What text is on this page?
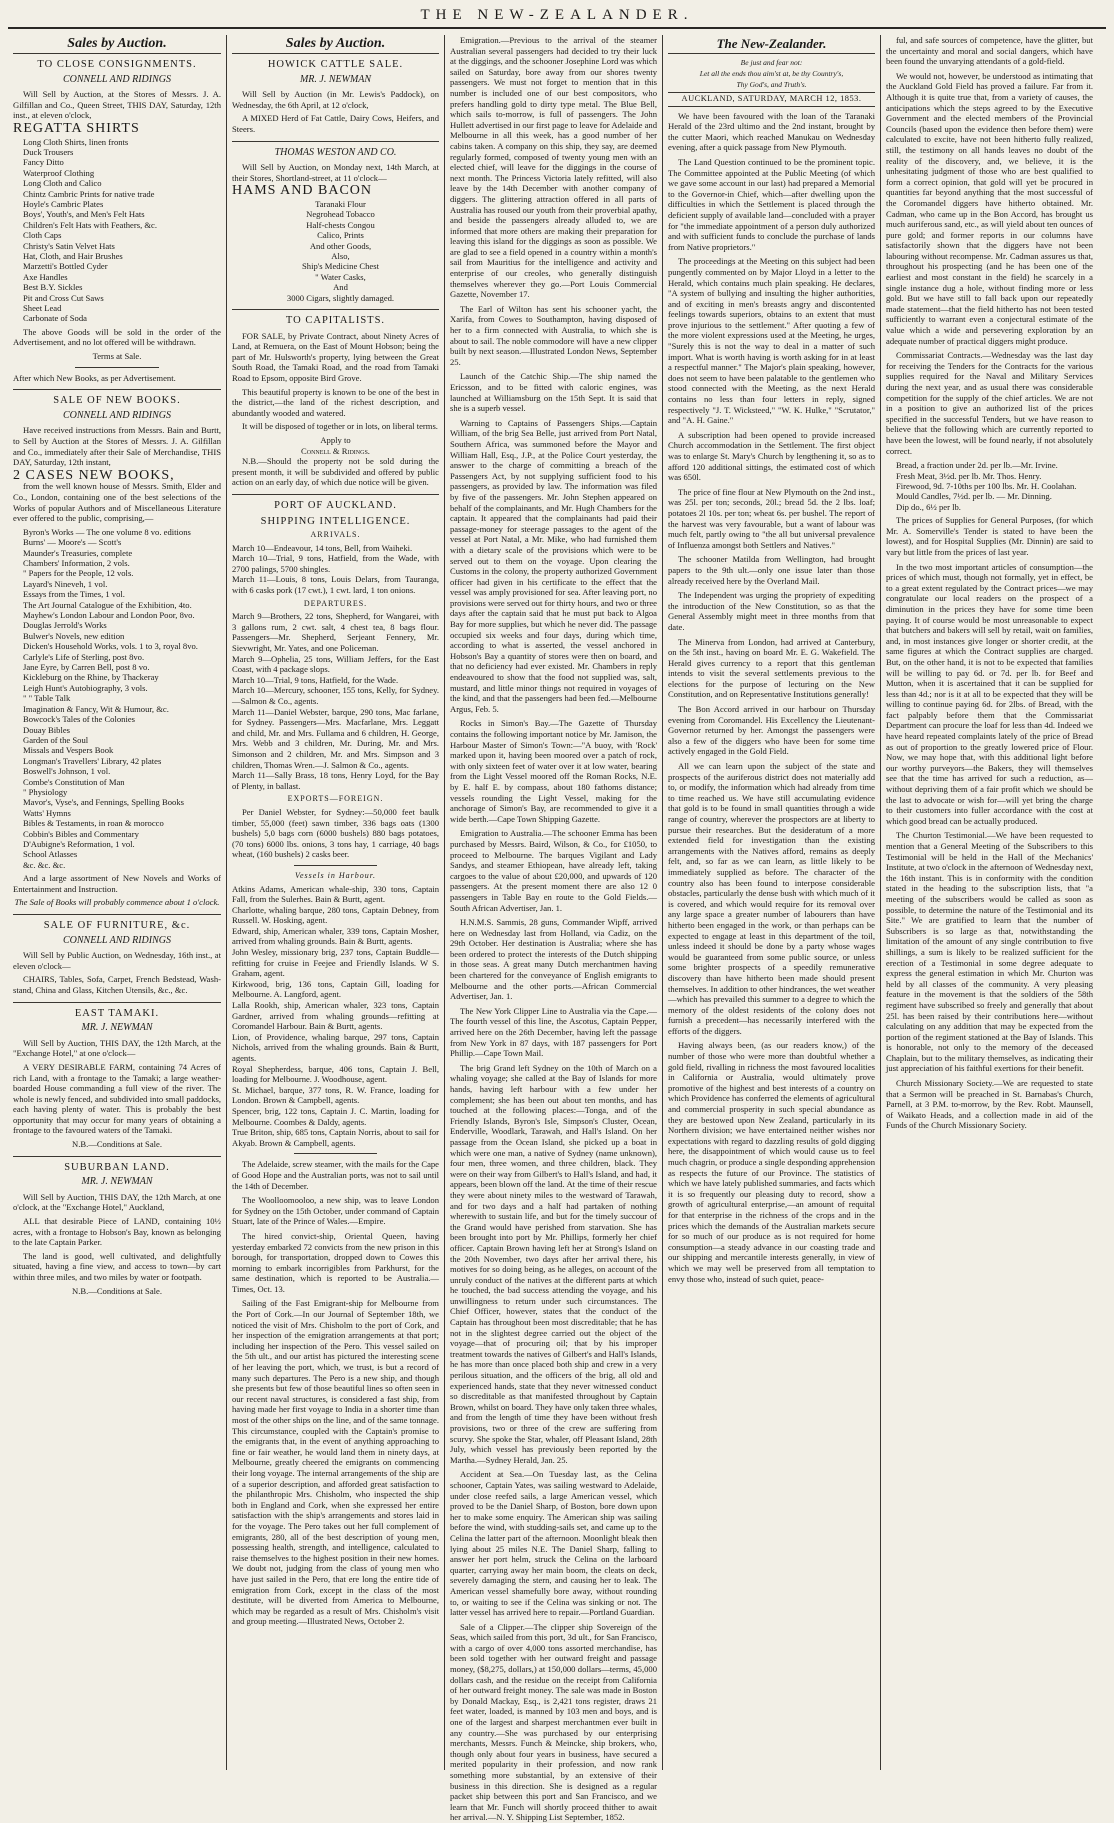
THE NEW-ZEALANDER.
Sales by Auction.
TO CLOSE CONSIGNMENTS.
CONNELL AND RIDINGS

Will Sell by Auction, at the Stores of Messrs. J. A. Gilfillan and Co., Queen Street, THIS DAY, Saturday, 12th inst., at eleven o'clock,

REGATTA SHIRTS
Long Cloth Shirts, linen fronts
Duck Trousers
Fancy Ditto
Waterproof Clothing
Long Cloth and Calico
Chintz Cambric Prints for native trade
Hoyle's Cambric Plates
Boys', Youth's, and Men's Felt Hats
Children's Felt Hats with Feathers, &c.
Cloth Caps
Christy's Satin Velvet Hats
Hat, Cloth, and Hair Brushes
Marzetti's Bottled Cyder
Axe Handles
Best B.Y. Sickles
Pit and Cross Cut Saws
Sheet Lead
Carbonate of Soda

The above Goods will be sold in the order of the Advertisement, and no lot offered will be withdrawn.

Terms at Sale.
After which New Books, as per Advertisement.
SALE OF NEW BOOKS.
CONNELL AND RIDINGS

Have received instructions from Messrs. Bain and Burtt, to Sell by Auction at the Stores of Messrs. J. A. Gilfillan and Co., immediately after their Sale of Merchandise, THIS DAY, Saturday, 12th instant,

2 CASES NEW BOOKS,

from the well known house of Messrs. Smith, Elder and Co., London, containing one of the best selections of the Works of popular Authors and of Miscellaneous Literature ever offered to the public, comprising,—

Byron's Works — The one volume 8 vo. editions
Burns' — Moore's — Scott's
Maunder's Treasuries, complete
Chambers' Information, 2 vols.
" Papers for the People, 12 vols.
Layard's Nineveh, 1 vol.
Essays from the Times, 1 vol.
The Art Journal Catalogue of the Exhibition, 4to.
Mayhew's London Labour and London Poor, 8vo.
Douglas Jerrold's Works
Bulwer's Novels, new edition
Dicken's Household Works, vols. 1 to 3, royal 8vo.
Carlyle's Life of Sterling, post 8vo.
Jane Eyre, by Carren Bell, post 8 vo.
Kickleburg on the Rhine, by Thackeray
Leigh Hunt's Autobiography, 3 vols.
" " Table Talk
Imagination & Fancy, Wit & Humour, &c.
Bowcock's Tales of the Colonies
Douay Bibles
Garden of the Soul
Missals and Vespers Book
Longman's Travellers' Library, 42 plates
Boswell's Johnson, 1 vol.
Combe's Constitution of Man
" Physiology
Mavor's, Vyse's, and Fennings, Spelling Books
Watts' Hymns
Bibles & Testaments, in roan & morocco
Cobbin's Bibles and Commentary
D'Aubigne's Reformation, 1 vol.
School Atlasses
&c. &c. &c.

And a large assortment of New Novels and Works of Entertainment and Instruction.

The Sale of Books will probably commence about 1 o'clock.
SALE OF FURNITURE, &c.
CONNELL AND RIDINGS

Will Sell by Public Auction, on Wednesday, 16th inst., at eleven o'clock—

CHAIRS, Tables, Sofa, Carpet, French Bedstead, Wash-stand, China and Glass, Kitchen Utensils, &c., &c.

EAST TAMAKI.
MR. J. NEWMAN

Will Sell by Auction, THIS DAY, the 12th March, at the "Exchange Hotel," at one o'clock—

A VERY DESIRABLE FARM, containing 74 Acres of rich Land, with a frontage to the Tamaki; a large weather-boarded House commanding a full view of the river. The whole is newly fenced, and subdivided into small paddocks, each having plenty of water. This is probably the best opportunity that may occur for many years of obtaining a frontage to the favoured waters of the Tamaki.

N.B.—Conditions at Sale.
SUBURBAN LAND.
MR. J. NEWMAN

Will Sell by Auction, THIS DAY, the 12th March, at one o'clock, at the "Exchange Hotel," Auckland,

ALL that desirable Piece of LAND, containing 10½ acres, with a frontage to Hobson's Bay, known as belonging to the late Captain Parker.

The land is good, well cultivated, and delightfully situated, having a fine view, and access to town—by cart within three miles, and two miles by water or footpath.

N.B.—Conditions at Sale.
Sales by Auction.
HOWICK CATTLE SALE.
MR. J. NEWMAN

Will Sell by Auction (in Mr. Lewis's Paddock), on Wednesday, the 6th April, at 12 o'clock,

A MIXED Herd of Fat Cattle, Dairy Cows, Heifers, and Steers.

THOMAS WESTON AND CO.

Will Sell by Auction, on Monday next, 14th March, at their Stores, Shortland-street, at 11 o'clock—

HAMS AND BACON
Taranaki Flour
Negrohead Tobacco
Half-chests Congou
Calico, Prints
And other Goods,
Also,
Ship's Medicine Chest
" Water Casks,
And
3000 Cigars, slightly damaged.
TO CAPITALISTS.

FOR SALE, by Private Contract, about Ninety Acres of Land, at Remuera, on the East of Mount Hobson; being the part of Mr. Hulsworth's property, lying between the Great South Road, the Tamaki Road, and the road from Tamaki Road to Epsom, opposite Bird Grove.

This beautiful property is known to be one of the best in the district,—the land of the richest description, and abundantly wooded and watered.

It will be disposed of together or in lots, on liberal terms.

Apply to
Connell & Ridings.

N.B.—Should the property not be sold during the present month, it will be subdivided and offered by public action on an early day, of which due notice will be given.

PORT OF AUCKLAND.
SHIPPING INTELLIGENCE.
ARRIVALS.
March 10—Endeavour, 14 tons, Bell, from Waiheki.
March 10—Trial, 9 tons, Hatfield, from the Wade, with 2700 palings, 5700 shingles.
March 11—Louis, 8 tons, Louis Delars, from Tauranga, with 6 casks pork (17 cwt.), 1 cwt. lard, 1 ton onions.
DEPARTURES.
March 9—Brothers, 22 tons, Shepherd, for Wangarei, with 3 gallons rum, 2 cwt. salt, 4 chest tea, 8 bags flour. Passengers—Mr. Shepherd, Serjeant Fennery, Mr. Sievwright, Mr. Yates, and one Policeman.
March 9—Ophelia, 25 tons, William Jeffers, for the East Coast, with 4 package slops.
March 10—Trial, 9 tons, Hatfield, for the Wade.
March 10—Mercury, schooner, 155 tons, Kelly, for Sydney.—Salmon & Co., agents.
March 11—Daniel Webster, barque, 290 tons, Mac farlane, for Sydney. Passengers—Mrs. Macfarlane, Mrs. Leggatt and child, Mr. and Mrs. Fullama and 6 children, H. George, Mrs. Webb and 3 children, Mr. During, Mr. and Mrs. Simonson and 2 children, Mr. and Mrs. Simpson and 3 children, Thomas Wren.—J. Salmon & Co., agents.
March 11—Sally Brass, 18 tons, Henry Loyd, for the Bay of Plenty, in ballast.
EXPORTS—FOREIGN.

Per Daniel Webster, for Sydney:—50,000 feet baulk timber, 55,000 (feet) sawn timber, 336 bags oats (1300 bushels) 5,0 bags corn (6000 bushels) 880 bags potatoes, (70 tons) 6000 lbs. onions, 3 tons hay, 1 carriage, 40 bags wheat, (160 bushels) 2 casks beer.

Vessels in Harbour.
Atkins Adams, American whale-ship, 330 tons, Captain Fall, from the Sulerhes. Bain & Burtt, agent.
Charlotte, whaling barque, 280 tons, Captain Debney, from Russell. W. Hosking, agent.
Edward, ship, American whaler, 339 tons, Captain Mosher, arrived from whaling grounds. Bain & Burtt, agents.
John Wesley, missionary brig, 237 tons, Captain Buddle—refitting for cruise in Feejee and Friendly Islands. W S. Graham, agent.
Kirkwood, brig, 136 tons, Captain Gill, loading for Melbourne. A. Langford, agent.
Lalla Rookh, ship, American whaler, 323 tons, Captain Gardner, arrived from whaling grounds—refitting at Coromandel Harbour. Bain & Burtt, agents.
Lion, of Providence, whaling barque, 297 tons, Captain Nichols, arrived from the whaling grounds. Bain & Burtt, agents.
Royal Shepherdess, barque, 406 tons, Captain J. Bell, loading for Melbourne. J. Woodhouse, agent.
St. Michael, barque, 377 tons, R. W. France, loading for London. Brown & Campbell, agents.
Spencer, brig, 122 tons, Captain J. C. Martin, loading for Melbourne. Coombes & Daldy, agents.
True Briton, ship, 685 tons, Captain Norris, about to sail for Akyab. Brown & Campbell, agents.

The Adelaide, screw steamer, with the mails for the Cape of Good Hope and the Australian ports, was not to sail until the 14th of December.

The Woolloomooloo, a new ship, was to leave London for Sydney on the 15th October, under command of Captain Stuart, late of the Prince of Wales.—Empire.

The hired convict-ship, Oriental Queen, having yesterday embarked 72 convicts from the new prison in this borough, for transportation, dropped down to Cowes this morning to embark incorrigibles from Parkhurst, for the same destination, which is reported to be Australia.—Times, Oct. 13.

Sailing of the Fast Emigrant-ship for Melbourne from the Port of Cork.—In our Journal of September 18th, we noticed the visit of Mrs. Chisholm to the port of Cork, and her inspection of the emigration arrangements at that port; including her inspection of the Pero. This vessel sailed on the 5th ult., and our artist has pictured the interesting scene of her leaving the port, which, we trust, is but a record of many such departures. The Pero is a new ship, and though she presents but few of those beautiful lines so often seen in our recent naval structures, is considered a fast ship, from having made her first voyage to India in a shorter time than most of the other ships on the line, and of the same tonnage. This circumstance, coupled with the Captain's promise to the emigrants that, in the event of anything approaching to fine or fair weather, he would land them in ninety days, at Melbourne, greatly cheered the emigrants on commencing their long voyage. The internal arrangements of the ship are of a superior description, and afforded great satisfaction to the philanthropic Mrs. Chisholm, who inspected the ship both in England and Cork, when she expressed her entire satisfaction with the ship's arrangements and stores laid in for the voyage. The Pero takes out her full complement of emigrants, 280, all of the best description of young men, possessing health, strength, and intelligence, calculated to raise themselves to the highest position in their new homes. We doubt not, judging from the class of young men who have just sailed in the Pero, that ere long the entire tide of emigration from Cork, except in the class of the most destitute, will be diverted from America to Melbourne, which may be regarded as a result of Mrs. Chisholm's visit and group meeting.—Illustrated News, October 2.

Emigration.—Previous to the arrival of the steamer Australian several passengers had decided to try their luck at the diggings, and the schooner Josephine Lord was which sailed on Saturday, bore away from our shores twenty passengers. We must not forget to mention that in this number is included one of our best compositors, who prefers handling gold to dirty type metal. The Blue Bell, which sails to-morrow, is full of passengers. The John Hullett advertised in our first page to leave for Adelaide and Melbourne in all this week, has a good number of her cabins taken. A company on this ship, they say, are deemed regularly formed, composed of twenty young men with an elected chief, will leave for the diggings in the course of next month. The Princess Victoria lately refitted, will also leave by the 14th December with another company of diggers. The glittering attraction offered in all parts of Australia has roused our youth from their proverbial apathy, and beside the passengers already alluded to, we are informed that more others are making their preparation for leaving this island for the diggings as soon as possible. We are glad to see a field opened in a country within a month's sail from Mauritius for the intelligence and activity and enterprise of our creoles, who generally distinguish themselves wherever they go.—Port Louis Commercial Gazette, November 17.

The Earl of Wilton has sent his schooner yacht, the Xarifa, from Cowes to Southampton, having disposed of her to a firm connected with Australia, to which she is about to sail. The noble commodore will have a new clipper built by next season.—Illustrated London News, September 25.

Launch of the Catchic Ship.—The ship named the Ericsson, and to be fitted with caloric engines, was launched at Williamsburg on the 15th Sept. It is said that she is a superb vessel.

Warning to Captains of Passengers Ships.—Captain William, of the brig Sea Belle, just arrived from Port Natal, Southern Africa, was summoned before the Mayor and William Hall, Esq., J.P., at the Police Court yesterday, the answer to the charge of committing a breach of the Passengers Act, by not supplying sufficient food to his passengers, as provided by law. The information was filed by five of the passengers. Mr. John Stephen appeared on behalf of the complainants, and Mr. Hugh Chambers for the captain. It appeared that the complainants had paid their passage-money for steerage passages to the agent of the vessel at Port Natal, a Mr. Mike, who had furnished them with a dietary scale of the provisions which were to be served out to them on the voyage. Upon clearing the Customs in the colony, the property authorized Government officer had given in his certificate to the effect that the vessel was amply provisioned for sea. After leaving port, no provisions were served out for thirty hours, and two or three days after the captain said that he must put back to Algoa Bay for more supplies, but which he never did. The passage occupied six weeks and four days, during which time, according to what is asserted, the vessel anchored in Hobson's Bay a quantity of stores were then on board, and that no deficiency had ever existed. Mr. Chambers in reply endeavoured to show that the food not supplied was, salt, mustard, and little minor things not required in voyages of the kind, and that the passengers had been fed.—Melbourne Argus, Feb. 5.

Rocks in Simon's Bay.—The Gazette of Thursday contains the following important notice by Mr. Jamison, the Harbour Master of Simon's Town:—"A buoy, with 'Rock' marked upon it, having been moored over a patch of rock, with only sixteen feet of water over it at low water, bearing from the Light Vessel moored off the Roman Rocks, N.E. by E. half E. by compass, about 180 fathoms distance; vessels rounding the Light Vessel, making for the anchorage of Simon's Bay, are recommended to give it a wide berth.—Cape Town Shipping Gazette.

Emigration to Australia.—The schooner Emma has been purchased by Messrs. Baird, Wilson, & Co., for £1050, to proceed to Melbourne. The barques Vigilant and Lady Sandys, and steamer Ethiopean, have already left, taking cargoes to the value of about £20,000, and upwards of 120 passengers. At the present moment there are also 12 0 passengers in Table Bay en route to the Gold Fields.—South African Advertiser, Jan. 1.

H.N.M.S. Sammis, 28 guns, Commander Wipff, arrived here on Wednesday last from Holland, via Cadiz, on the 29th October. Her destination is Australia; where she has been ordered to protect the interests of the Dutch shipping in those seas. A great many Dutch merchantmen having been chartered for the conveyance of English emigrants to Melbourne and the other ports.—African Commercial Advertiser, Jan. 1.

The New York Clipper Line to Australia via the Cape.—The fourth vessel of this line, the Ascotus, Captain Pepper, arrived here on the 26th December, having left the passage from New York in 87 days, with 187 passengers for Port Phillip.—Cape Town Mail.

The brig Grand left Sydney on the 10th of March on a whaling voyage; she called at the Bay of Islands for more hands, having left harbour with a few under her complement; she has been out about ten months, and has touched at the following places:—Tonga, and of the Friendly Islands, Byron's Isle, Simpson's Cluster, Ocean, Enderville, Woodlark, Tarawah, and Hall's Island. On her passage from the Ocean Island, she picked up a boat in which were one man, a native of Sydney (name unknown), four men, three women, and three children, black. They were on their way from Gilbert's to Hall's Island, and had, it appears, been blown off the land. At the time of their rescue they were about ninety miles to the westward of Tarawah, and for two days and a half had partaken of nothing wherewith to sustain life, and but for the timely succour of the Grand would have perished from starvation. She has been brought into port by Mr. Phillips, formerly her chief officer. Captain Brown having left her at Strong's Island on the 20th November, two days after her arrival there, his motives for so doing being, as he alleges, on account of the unruly conduct of the natives at the different parts at which he touched, the bad success attending the voyage, and his unwillingness to return under such circumstances. The Chief Officer, however, states that the conduct of the Captain has throughout been most discreditable; that he has not in the slightest degree carried out the object of the voyage—that of procuring oil; that by his improper treatment towards the natives of Gilbert's and Hall's Islands, he has more than once placed both ship and crew in a very perilous situation, and the officers of the brig, all old and experienced hands, state that they never witnessed conduct so discreditable as that manifested throughout by Captain Brown, whilst on board. They have only taken three whales, and from the length of time they have been without fresh provisions, two or three of the crew are suffering from scurvy. She spoke the Star, whaler, off Pleasant Island, 28th July, which vessel has previously been reported by the Martha.—Sydney Herald, Jan. 25.

Accident at Sea.—On Tuesday last, as the Celina schooner, Captain Yates, was sailing westward to Adelaide, under close reefed sails, a large American vessel, which proved to be the Daniel Sharp, of Boston, bore down upon her to make some enquiry. The American ship was sailing before the wind, with studding-sails set, and came up to the Celina the latter part of the afternoon. Moonlight bleak then lying about 25 miles N.E. The Daniel Sharp, falling to answer her port helm, struck the Celina on the larboard quarter, carrying away her main boom, the cleats on deck, severely damaging the stern, and causing her to leak. The American vessel shamefully bore away, without rounding to, or waiting to see if the Celina was sinking or not. The latter vessel has arrived here to repair.—Portland Guardian.

Sale of a Clipper.—The clipper ship Sovereign of the Seas, which sailed from this port, 3d ult., for San Francisco, with a cargo of over 4,000 tons assorted merchandise, has been sold together with her outward freight and passage money, ($8,275, dollars,) at 150,000 dollars—terms, 45,000 dollars cash, and the residue on the receipt from California of her outward freight money. The sale was made in Boston by Donald Mackay, Esq., is 2,421 tons register, draws 21 feet water, loaded, is manned by 103 men and boys, and is one of the largest and sharpest merchantmen ever built in any country.—She was purchased by our enterprising merchants, Messrs. Funch & Meincke, ship brokers, who, though only about four years in business, have secured a merited popularity in their profession, and now rank something more substantial, by an extensive of their business in this direction. She is designed as a regular packet ship between this port and San Francisco, and we learn that Mr. Funch will shortly proceed thither to await her arrival.—N. Y. Shipping List September, 1852.

The New-Zealander.
Be just and fear not:
Let all the ends thou aim'st at, be thy Country's,
Thy God's, and Truth's.
AUCKLAND, SATURDAY, MARCH 12, 1853.

We have been favoured with the loan of the Taranaki Herald of the 23rd ultimo and the 2nd instant, brought by the cutter Maori, which reached Manukau on Wednesday evening, after a quick passage from New Plymouth.

The Land Question continued to be the prominent topic. The Committee appointed at the Public Meeting (of which we gave some account in our last) had prepared a Memorial to the Governor-in Chief, which—after dwelling upon the difficulties in which the Settlement is placed through the deficient supply of available land—concluded with a prayer for "the immediate appointment of a person duly authorized and with sufficient funds to conclude the purchase of lands from Native proprietors."

The proceedings at the Meeting on this subject had been pungently commented on by Major Lloyd in a letter to the Herald, which contains much plain speaking. He declares, "A system of bullying and insulting the higher authorities, and of exciting in men's breasts angry and discontented feelings towards superiors, obtains to an extent that must prove injurious to the settlement." After quoting a few of the more violent expressions used at the Meeting, he urges, "Surely this is not the way to deal in a matter of such import. What is worth having is worth asking for in at least a respectful manner." The Major's plain speaking, however, does not seem to have been palatable to the gentlemen who stood connected with the Meeting, as the next Herald contains no less than four letters in reply, signed respectively "J. T. Wicksteed," "W. K. Hulke," "Scrutator," and "A. H. Gaine."

A subscription had been opened to provide increased Church accommodation in the Settlement. The first object was to enlarge St. Mary's Church by lengthening it, so as to afford 120 additional sittings, the estimated cost of which was 650l.

The price of fine flour at New Plymouth on the 2nd inst., was 25l. per ton; seconds, 20l.; bread 5d. the 2 lbs. loaf; potatoes 2l 10s. per ton; wheat 6s. per bushel. The report of the harvest was very favourable, but a want of labour was much felt, partly owing to "the all but universal prevalence of Influenza amongst both Settlers and Natives."

The schooner Matilda from Wellington, had brought papers to the 9th ult.—only one issue later than those already received here by the Overland Mail.

The Independent was urging the propriety of expediting the introduction of the New Constitution, so as that the General Assembly might meet in three months from that date.

The Minerva from London, had arrived at Canterbury, on the 5th inst., having on board Mr. E. G. Wakefield. The Herald gives currency to a report that this gentleman intends to visit the several settlements previous to the elections for the purpose of lecturing on the New Constitution, and on Representative Institutions generally!

The Bon Accord arrived in our harbour on Thursday evening from Coromandel. His Excellency the Lieutenant-Governor returned by her. Amongst the passengers were also a few of the diggers who have been for some time actively engaged in the Gold Field.

All we can learn upon the subject of the state and prospects of the auriferous district does not materially add to, or modify, the information which had already from time to time reached us. We have still accumulating evidence that gold is to be found in small quantities through a wide range of country, wherever the prospectors are at liberty to pursue their researches. But the desideratum of a more extended field for investigation than the existing arrangements with the Natives afford, remains as deeply felt, and, so far as we can learn, as little likely to be immediately supplied as before. The character of the country also has been found to interpose considerable obstacles, particularly the dense bush with which much of it is covered, and which would require for its removal over any large space a greater number of labourers than have hitherto been engaged in the work, or than perhaps can be expected to engage at least in this department of the toil, unless indeed it should be done by a party whose wages would be guaranteed from some public source, or unless some brighter prospects of a speedily remunerative discovery than have hitherto been made should present themselves. In addition to other hindrances, the wet weather—which has prevailed this summer to a degree to which the memory of the oldest residents of the colony does not furnish a precedent—has necessarily interfered with the efforts of the diggers.

Having always been, (as our readers know,) of the number of those who were more than doubtful whether a gold field, rivalling in richness the most favoured localities in California or Australia, would ultimately prove promotive of the highest and best interests of a country on which Providence has conferred the elements of agricultural and commercial prosperity in such special abundance as they are bestowed upon New Zealand, particularly in its Northern division; we have entertained neither wishes nor expectations with regard to dazzling results of gold digging here, the disappointment of which would cause us to feel much chagrin, or produce a single desponding apprehension as respects the future of our Province. The statistics of which we have lately published summaries, and facts which it is so frequently our pleasing duty to record, show a growth of agricultural enterprise,—an amount of requital for that enterprise in the richness of the crops and in the prices which the demands of the Australian markets secure for so much of our produce as is not required for home consumption—a steady advance in our coasting trade and our shipping and mercantile interests generally, in view of which we may well be preserved from all temptation to envy those who, instead of such quiet, peace-

ful, and safe sources of competence, have the glitter, but the uncertainty and moral and social dangers, which have been found the unvarying attendants of a gold-field.

We would not, however, be understood as intimating that the Auckland Gold Field has proved a failure. Far from it. Although it is quite true that, from a variety of causes, the anticipations which the steps agreed to by the Executive Government and the elected members of the Provincial Councils (based upon the evidence then before them) were calculated to excite, have not been hitherto fully realized, still, the testimony on all hands leaves no doubt of the reality of the discovery, and, we believe, it is the unhesitating judgment of those who are best qualified to form a correct opinion, that gold will yet be procured in quantities far beyond anything that the most successful of the Coromandel diggers have hitherto obtained. Mr. Cadman, who came up in the Bon Accord, has brought us much auriferous sand, etc., as will yield about ten ounces of pure gold; and former reports in our columns have satisfactorily shown that the diggers have not been labouring without recompense. Mr. Cadman assures us that, throughout his prospecting (and he has been one of the earliest and most constant in the field) he scarcely in a single instance dug a hole, without finding more or less gold. But we have still to fall back upon our repeatedly made statement—that the field hitherto has not been tested sufficiently to warrant even a conjectural estimate of the value which a wide and persevering exploration by an adequate number of practical diggers might produce.

Commissariat Contracts.—Wednesday was the last day for receiving the Tenders for the Contracts for the various supplies required for the Naval and Military Services during the next year, and as usual there was considerable competition for the supply of the chief articles. We are not in a position to give an authorized list of the prices specified in the successful Tenders, but we have reason to believe that the following which are currently reported to have been the lowest, will be found nearly, if not absolutely correct.

Bread, a fraction under 2d. per lb.—Mr. Irvine.
Fresh Meat, 3½d. per lb. Mr. Thos. Henry.
Firewood, 9d. 7-10ths per 100 lbs. Mr. H. Coolahan.
Mould Candles, 7½d. per lb. — Mr. Dinning.
Dip do., 6½ per lb.

The prices of Supplies for General Purposes, (for which Mr. A. Somerville's Tender is stated to have been the lowest), and for Hospital Supplies (Mr. Dinnin) are said to vary but little from the prices of last year.

In the two most important articles of consumption—the prices of which must, though not formally, yet in effect, be to a great extent regulated by the Contract prices—we may congratulate our local readers on the prospect of a diminution in the prices they have for some time been paying. It of course would be most unreasonable to expect that butchers and bakers will sell by retail, wait on families, and, in most instances give longer or shorter credit, at the same figures at which the Contract supplies are charged. But, on the other hand, it is not to be expected that families will be willing to pay 6d. or 7d. per lb. for Beef and Mutton, when it is ascertained that it can be supplied for less than 4d.; nor is it at all to be expected that they will be willing to continue paying 6d. for 2lbs. of Bread, with the fact palpably before them that the Commissariat Department can procure the loaf for less than 4d. Indeed we have heard repeated complaints lately of the price of Bread as out of proportion to the greatly lowered price of Flour. Now, we may hope that, with this additional light before our worthy purveyors—the Bakers, they will themselves see that the time has arrived for such a reduction, as—without depriving them of a fair profit which we should be the last to advocate or wish for—will yet bring the charge to their customers into fuller accordance with the cost at which good bread can be actually produced.

The Churton Testimonial.—We have been requested to mention that a General Meeting of the Subscribers to this Testimonial will be held in the Hall of the Mechanics' Institute, at two o'clock in the afternoon of Wednesday next, the 16th instant. This is in conformity with the condition stated in the heading to the subscription lists, that "a meeting of the subscribers would be called as soon as possible, to determine the nature of the Testimonial and its Site." We are gratified to learn that the number of Subscribers is so large as that, notwithstanding the limitation of the amount of any single contribution to five shillings, a sum is likely to be realized sufficient for the erection of a Testimonial in some degree adequate to express the general estimation in which Mr. Churton was held by all classes of the community. A very pleasing feature in the movement is that the soldiers of the 58th regiment have subscribed so freely and generally that about 25l. has been raised by their contributions here—without calculating on any addition that may be expected from the portion of the regiment stationed at the Bay of Islands. This is honorable, not only to the memory of the deceased Chaplain, but to the military themselves, as indicating their just appreciation of his faithful exertions for their benefit.

Church Missionary Society.—We are requested to state that a Sermon will be preached in St. Barnabas's Church, Parnell, at 3 P.M. to-morrow, by the Rev. Robt. Maunsell, of Waikato Heads, and a collection made in aid of the Funds of the Church Missionary Society.
